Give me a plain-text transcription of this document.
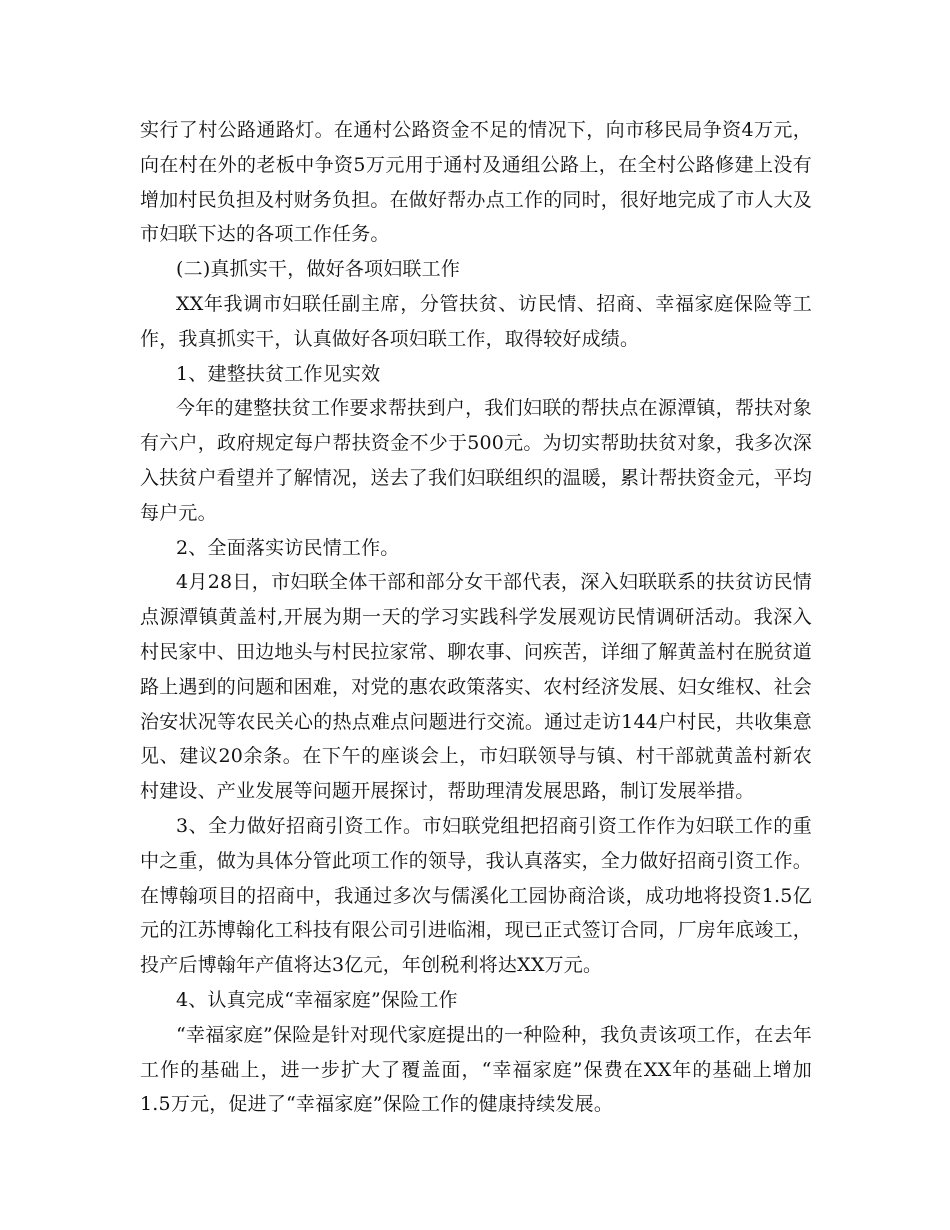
实行了村公路通路灯。在通村公路资金不足的情况下，向市移民局争资4万元，向在村在外的老板中争资5万元用于通村及通组公路上，在全村公路修建上没有增加村民负担及村财务负担。在做好帮办点工作的同时，很好地完成了市人大及市妇联下达的各项工作任务。

(二)真抓实干，做好各项妇联工作

XX年我调市妇联任副主席，分管扶贫、访民情、招商、幸福家庭保险等工作，我真抓实干，认真做好各项妇联工作，取得较好成绩。

1、建整扶贫工作见实效

今年的建整扶贫工作要求帮扶到户，我们妇联的帮扶点在源潭镇，帮扶对象有六户，政府规定每户帮扶资金不少于500元。为切实帮助扶贫对象，我多次深入扶贫户看望并了解情况，送去了我们妇联组织的温暖，累计帮扶资金元，平均每户元。

2、全面落实访民情工作。

4月28日，市妇联全体干部和部分女干部代表，深入妇联联系的扶贫访民情点源潭镇黄盖村,开展为期一天的学习实践科学发展观访民情调研活动。我深入村民家中、田边地头与村民拉家常、聊农事、问疾苦，详细了解黄盖村在脱贫道路上遇到的问题和困难，对党的惠农政策落实、农村经济发展、妇女维权、社会治安状况等农民关心的热点难点问题进行交流。通过走访144户村民，共收集意见、建议20余条。在下午的座谈会上，市妇联领导与镇、村干部就黄盖村新农村建设、产业发展等问题开展探讨，帮助理清发展思路，制订发展举措。

3、全力做好招商引资工作。市妇联党组把招商引资工作作为妇联工作的重中之重，做为具体分管此项工作的领导，我认真落实，全力做好招商引资工作。在博翰项目的招商中，我通过多次与儒溪化工园协商洽谈，成功地将投资1.5亿元的江苏博翰化工科技有限公司引进临湘，现已正式签订合同，厂房年底竣工，投产后博翰年产值将达3亿元，年创税利将达XX万元。

4、认真完成“幸福家庭”保险工作

“幸福家庭”保险是针对现代家庭提出的一种险种，我负责该项工作，在去年工作的基础上，进一步扩大了覆盖面，“幸福家庭”保费在XX年的基础上增加1.5万元，促进了“幸福家庭”保险工作的健康持续发展。
